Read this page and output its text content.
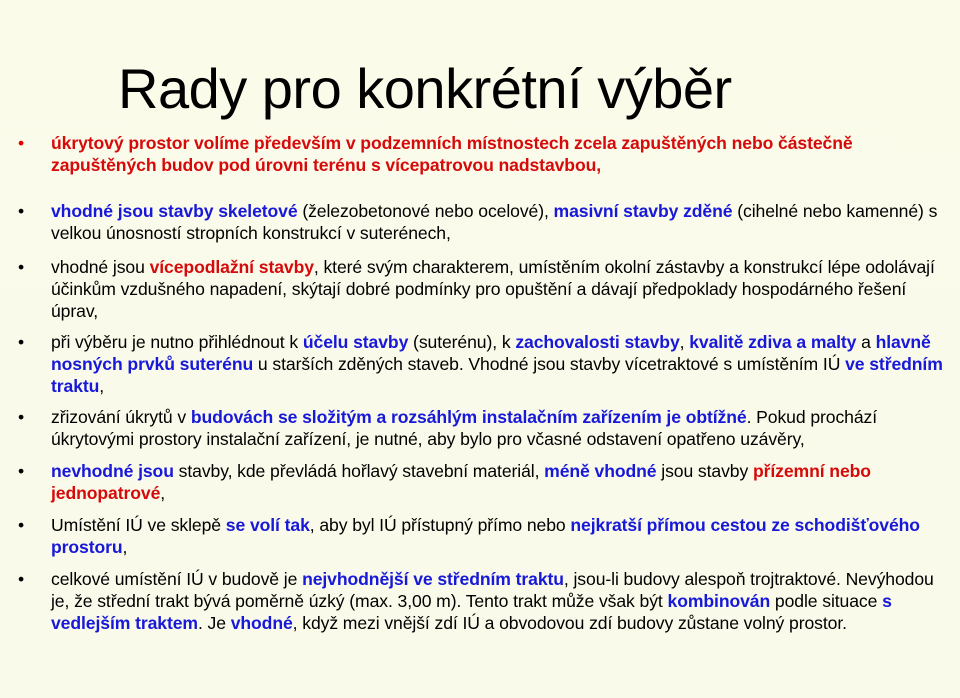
Rady pro konkrétní výběr
• úkrytový prostor volíme především v podzemních místnostech zcela zapuštěných nebo částečně zapuštěných budov pod úrovni terénu s vícepatrovou nadstavbou,
• vhodné jsou stavby skeletové (železobetonové nebo ocelové), masivní stavby zděné (cihelné nebo kamenné) s velkou únosností stropních konstrukcí v suterénech,
• vhodné jsou vícepodlažní stavby, které svým charakterem, umístěním okolní zástavby a konstrukcí lépe odolávají účinkům vzdušného napadení, skýtají dobré podmínky pro opuštění a dávají předpoklady hospodárného řešení úprav,
• při výběru je nutno přihlédnout k účelu stavby (suterénu), k zachovalosti stavby, kvalitě zdiva a malty a hlavně nosných prvků suterénu u starších zděných staveb. Vhodné jsou stavby vícetraktové s umístěním IÚ ve středním traktu,
• zřizování úkrytů v budovách se složitým a rozsáhlým instalačním zařízením je obtížné. Pokud prochází úkrytovými prostory instalační zařízení, je nutné, aby bylo pro včasné odstavení opatřeno uzávěry,
• nevhodné jsou stavby, kde převládá hořlavý stavební materiál, méně vhodné jsou stavby přízemní nebo jednopatrové,
• Umístění IÚ ve sklepě se volí tak, aby byl IÚ přístupný přímo nebo nejkratší přímou cestou ze schodišťového prostoru,
• celkové umístění IÚ v budově je nejvhodnější ve středním traktu, jsou-li budovy alespoň trojtraktové. Nevýhodou je, že střední trakt bývá poměrně úzký (max. 3,00 m). Tento trakt může však být kombinován podle situace s vedlejším traktem. Je vhodné, když mezi vnější zdí IÚ a obvodovou zdí budovy zůstane volný prostor.
